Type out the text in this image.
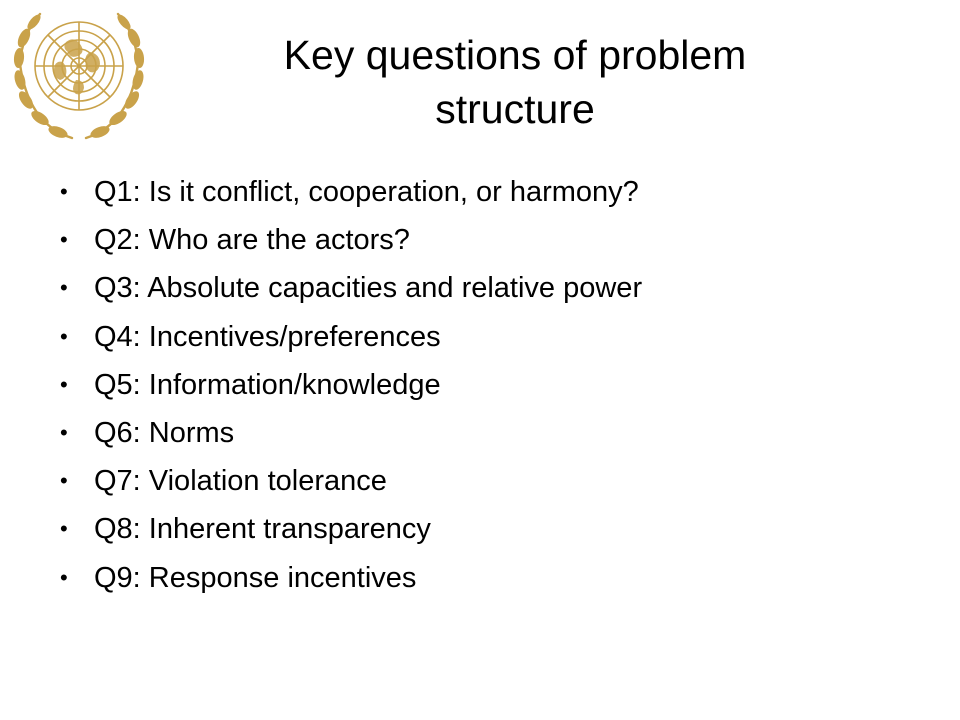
Key questions of problem
structure
• Q1: Is it conflict, cooperation, or harmony?
• Q2: Who are the actors?
• Q3: Absolute capacities and relative power
• Q4: Incentives/preferences
• Q5: Information/knowledge
• Q6: Norms
• Q7: Violation tolerance
• Q8: Inherent transparency
• Q9: Response incentives
